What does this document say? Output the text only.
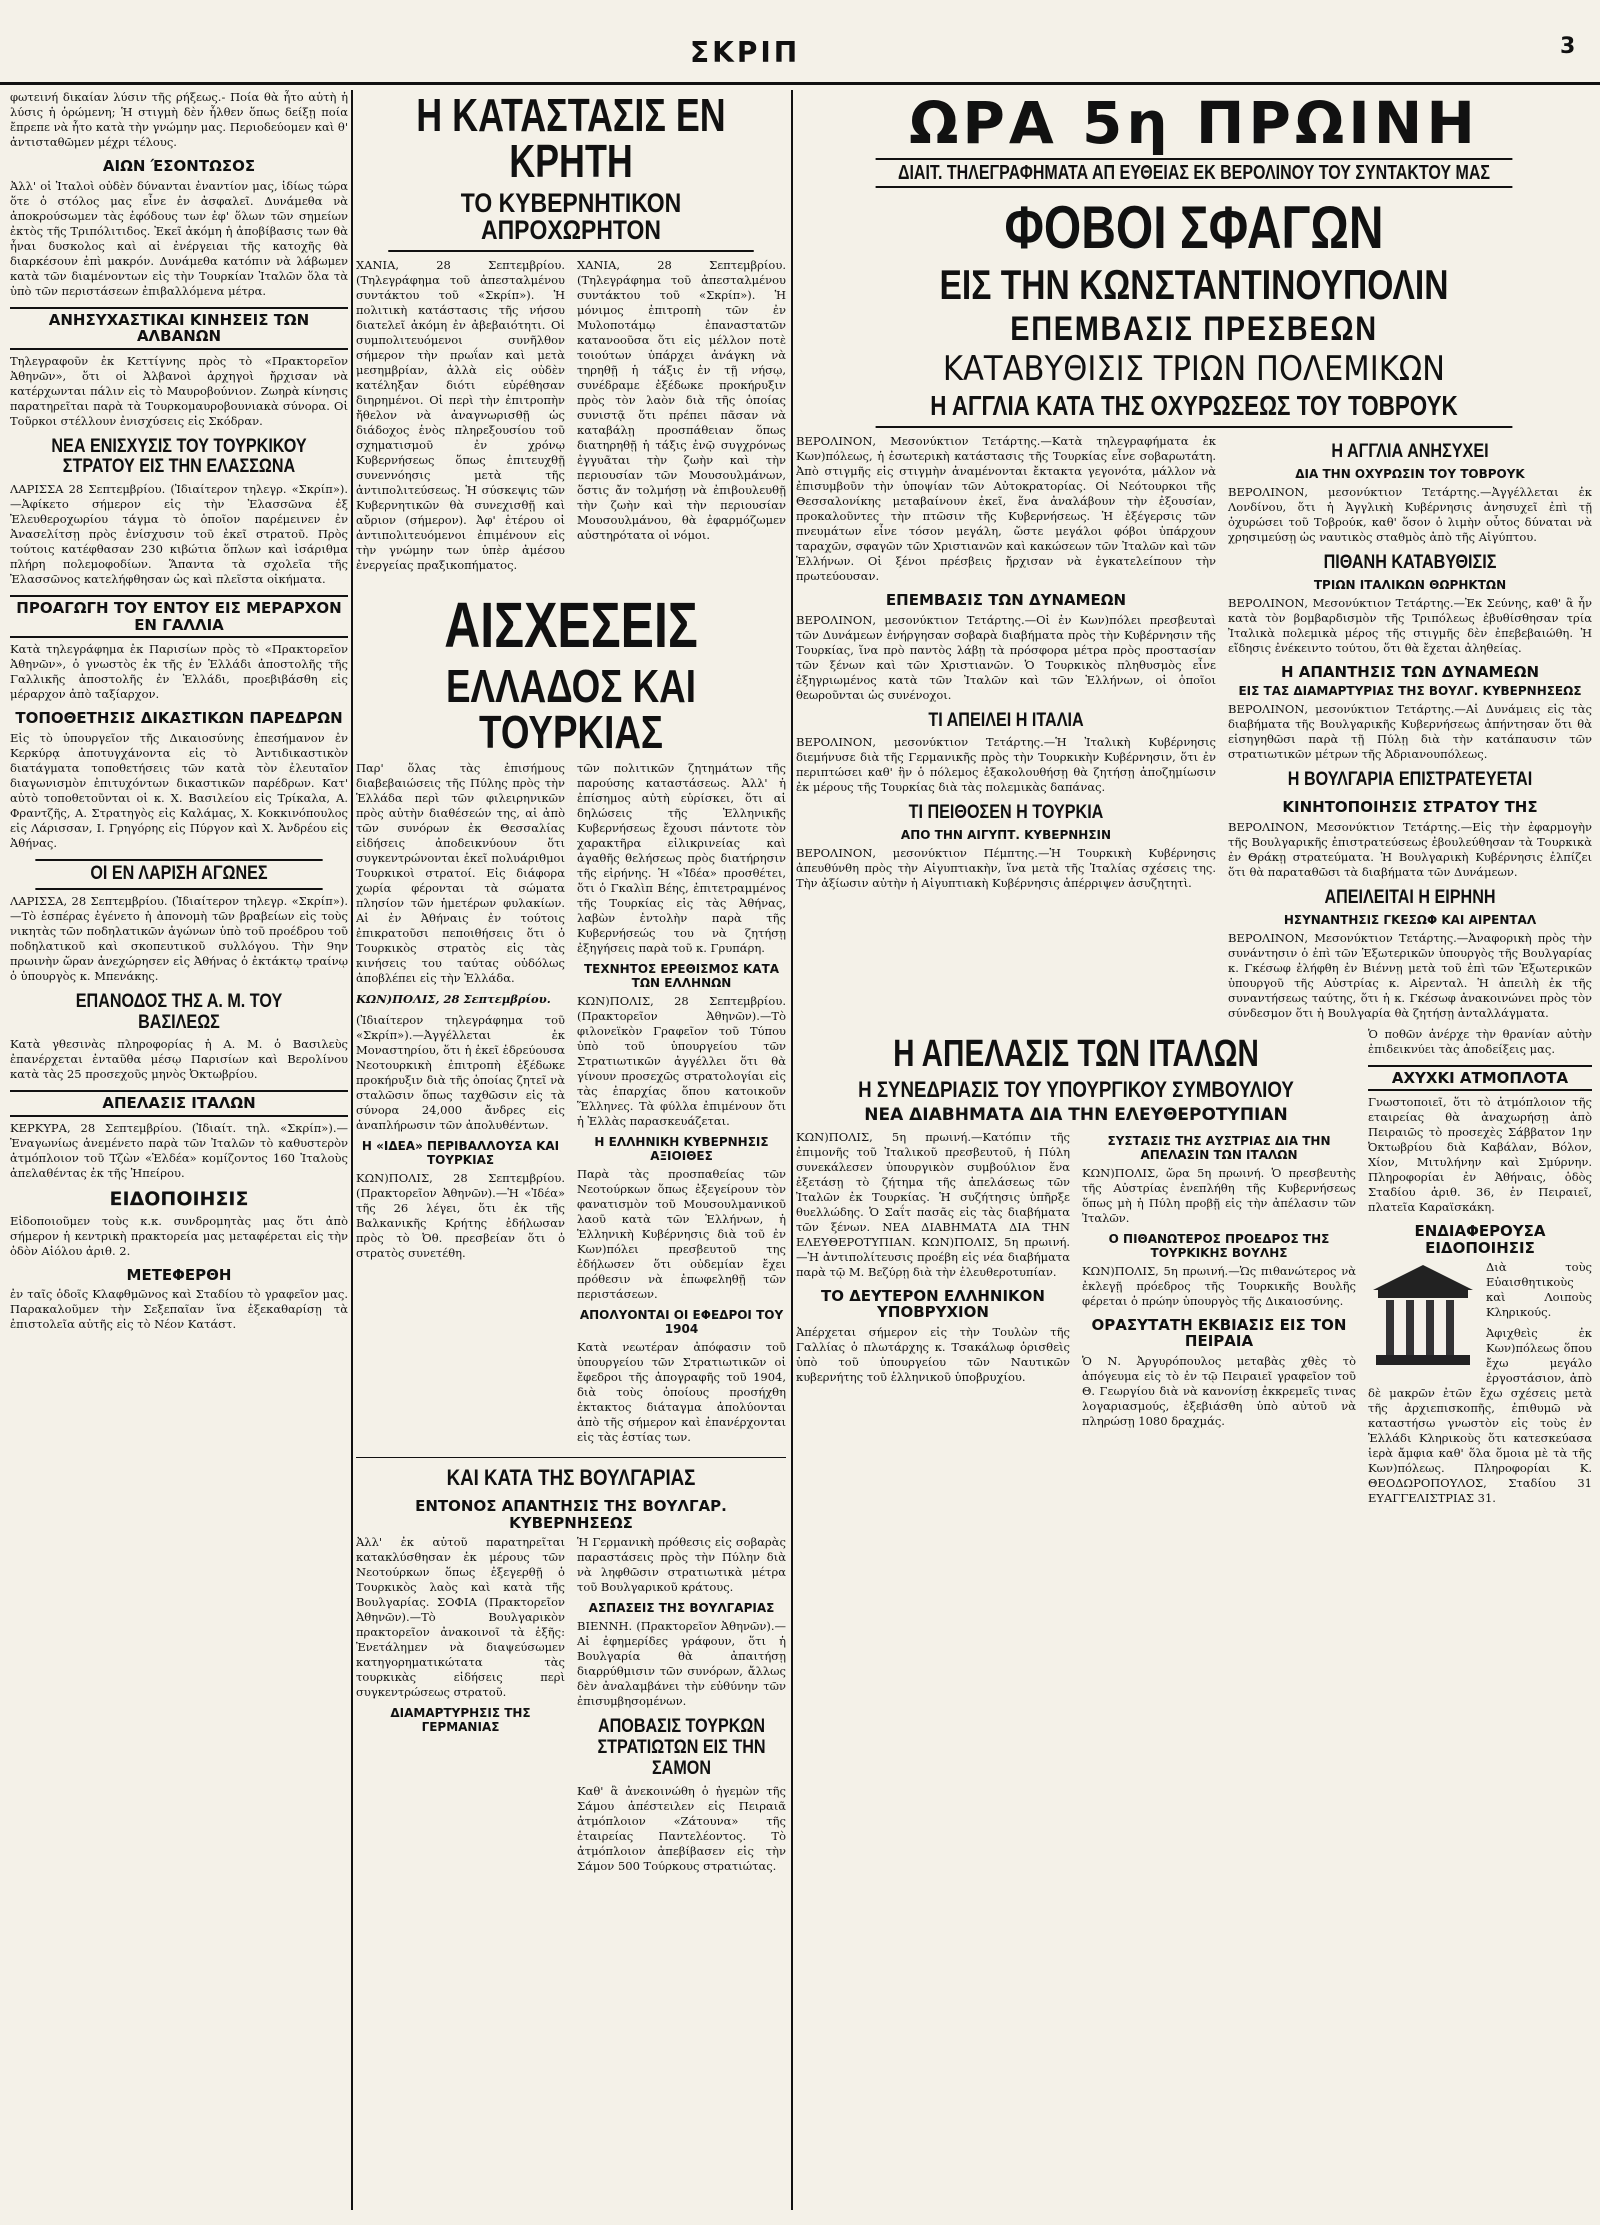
ΣΚΡΙΠ	3

φωτεινή δικαίαν λύσιν τῆς ρήξεως.- Ποία θὰ ἦτο αὐτὴ ἡ λύσις ἡ ὁρώμενη; Ἡ στιγμὴ δὲν ἦλθεν ὅπως δείξῃ ποία ἔπρεπε νὰ ἦτο κατὰ τὴν γνώμην μας. Περιοδεύομεν καὶ θ' ἀντισταθῶμεν μέχρι τέλους.

ΑΙΩΝ ΈΣΟΝΤΩΣΟΣ

Ἀλλ' οἱ Ἰταλοὶ οὐδὲν δύνανται ἐναντίον μας, ἰδίως τώρα ὅτε ὁ στόλος μας εἶνε ἐν ἀσφαλεῖ. Δυνάμεθα νὰ ἀποκρούσωμεν τὰς ἐφόδους των ἐφ' ὅλων τῶν σημείων ἐκτὸς τῆς Τριπόλιτιδος. Ἐκεῖ ἀκόμη ἡ ἀποβίβασις των θὰ ἦναι δυσκολος καὶ αἱ ἐνέργειαι τῆς κατοχῆς θὰ διαρκέσουν ἐπὶ μακρόν. Δυνάμεθα κατόπιν νὰ λάβωμεν κατὰ τῶν διαμένοντων εἰς τὴν Τουρκίαν Ἰταλῶν ὅλα τὰ ὑπὸ τῶν περιστάσεων ἐπιβαλλόμενα μέτρα.

ΑΝΗΣΥΧΑΣΤΙΚΑΙ ΚΙΝΗΣΕΙΣ ΤΩΝ ΑΛΒΑΝΩΝ

Τηλεγραφοῦν ἐκ Κεττίγνης πρὸς τὸ «Πρακτορεῖον Ἀθηνῶν», ὅτι οἱ Ἀλβανοὶ ἀρχηγοὶ ἤρχισαν νὰ κατέρχωνται πάλιν εἰς τὸ Μαυροβούνιον. Ζωηρὰ κίνησις παρατηρεῖται παρὰ τὰ Τουρκομαυροβουνιακὰ σύνορα. Οἱ Τοῦρκοι στέλλουν ἐνισχύσεις εἰς Σκόδραν.

ΝΕΑ ΕΝΙΣΧΥΣΙΣ ΤΟΥ ΤΟΥΡΚΙΚΟΥ ΣΤΡΑΤΟΥ ΕΙΣ ΤΗΝ ΕΛΑΣΣΩΝΑ

ΛΑΡΙΣΣΑ 28 Σεπτεμβρίου. (Ἰδιαίτερον τηλεγρ. «Σκρίπ»).—Ἀφίκετο σήμερον εἰς τὴν Ἐλασσῶνα ἐξ Ἐλευθεροχωρίου τάγμα τὸ ὁποῖον παρέμεινεν ἐν Ἀνασελίτσῃ πρὸς ἐνίσχυσιν τοῦ ἐκεῖ στρατοῦ. Πρὸς τούτοις κατέφθασαν 230 κιβώτια ὅπλων καὶ ἰσάριθμα πλήρη πολεμοφοδίων. Ἅπαντα τὰ σχολεῖα τῆς Ἐλασσῶνος κατελήφθησαν ὡς καὶ πλεῖστα οἰκήματα.

ΠΡΟΑΓΩΓΗ ΤΟΥ ΕΝΤΟΥ ΕΙΣ ΜΕΡΑΡΧΟΝ ΕΝ ΓΑΛΛΙΑ

Κατὰ τηλεγράφημα ἐκ Παρισίων πρὸς τὸ «Πρακτορεῖον Ἀθηνῶν», ὁ γνωστὸς ἐκ τῆς ἐν Ἑλλάδι ἀποστολῆς τῆς Γαλλικῆς ἀποστολῆς ἐν Ἑλλάδι, προεβιβάσθη εἰς μέραρχον ἀπὸ ταξίαρχον.

ΤΟΠΟΘΕΤΗΣΙΣ ΔΙΚΑΣΤΙΚΩΝ ΠΑΡΕΔΡΩΝ

Εἰς τὸ ὑπουργεῖον τῆς Δικαιοσύνης ἐπεσήμανον ἐν Κερκύρᾳ ἀποτυγχάνοντα εἰς τὸ Ἀντιδικαστικὸν διατάγματα τοποθετήσεις τῶν κατὰ τὸν ἐλευταῖον διαγωνισμὸν ἐπιτυχόντων δικαστικῶν παρέδρων. Κατ' αὐτὸ τοποθετοῦνται οἱ κ. Χ. Βασιλείου εἰς Τρίκαλα, Α. Φραντζῆς, Α. Στρατηγὸς εἰς Καλάμας, Χ. Κοκκινόπουλος εἰς Λάρισσαν, Ι. Γρηγόρης εἰς Πύργον καὶ Χ. Ἀνδρέου εἰς Ἀθήνας.

ΟΙ ΕΝ ΛΑΡΙΣΗ ΑΓΩΝΕΣ

ΛΑΡΙΣΣΑ, 28 Σεπτεμβρίου. (Ἰδιαίτερον τηλεγρ. «Σκρίπ»).—Τὸ ἑσπέρας ἐγένετο ἡ ἀπονομὴ τῶν βραβείων εἰς τοὺς νικητὰς τῶν ποδηλατικῶν ἀγώνων ὑπὸ τοῦ προέδρου τοῦ ποδηλατικοῦ καὶ σκοπευτικοῦ συλλόγου. Τὴν 9ην πρωινὴν ὥραν ἀνεχώρησεν εἰς Ἀθήνας ὁ ἐκτάκτῳ τραίνῳ ὁ ὑπουργὸς κ. Μπενάκης.

ΕΠΑΝΟΔΟΣ ΤΗΣ Α. Μ. ΤΟΥ ΒΑΣΙΛΕΩΣ

Κατὰ γθεσινὰς πληροφορίας ἡ Α. Μ. ὁ Βασιλεὺς ἐπανέρχεται ἐνταῦθα μέσῳ Παρισίων καὶ Βερολίνου κατὰ τὰς 25 προσεχοῦς μηνὸς Ὀκτωβρίου.

ΑΠΕΛΑΣΙΣ ΙΤΑΛΩΝ

ΚΕΡΚΥΡΑ, 28 Σεπτεμβρίου. (Ἰδιαίτ. τηλ. «Σκρίπ»).—Ἐναγωνίως ἀνεμένετο παρὰ τῶν Ἰταλῶν τὸ καθυστερὸν ἀτμόπλοιον τοῦ Τζὼν «Ἑλδέα» κομίζοντος 160 Ἰταλοὺς ἀπελαθέντας ἐκ τῆς Ἠπείρου.

ΕΙΔΟΠΟΙΗΣΙΣ

Εἰδοποιοῦμεν τοὺς κ.κ. συνδρομητὰς μας ὅτι ἀπὸ σήμερον ἡ κεντρικὴ πρακτορεία μας μεταφέρεται εἰς τὴν ὁδὸν Αἰόλου ἀριθ. 2.

ΜΕΤΕΦΕΡΘΗ

ἐν ταῖς ὁδοῖς Κλαφθμῶνος καὶ Σταδίου τὸ γραφεῖον μας. Παρακαλοῦμεν τὴν Σεξεπαῖαν ἵνα ἐξεκαθαρίσῃ τὰ ἐπιστολεῖα αὐτῆς εἰς τὸ Νέον Κατάστ.

Η ΚΑΤΑΣΤΑΣΙΣ ΕΝ ΚΡΗΤΗ
ΤΟ ΚΥΒΕΡΝΗΤΙΚΟΝ ΑΠΡΟΧΩΡΗΤΟΝ

ΧΑΝΙΑ, 28 Σεπτεμβρίου. (Τηλεγράφημα τοῦ ἀπεσταλμένου συντάκτου τοῦ «Σκρίπ»). Ἡ πολιτικὴ κατάστασις τῆς νήσου διατελεῖ ἀκόμη ἐν ἀβεβαιότητι. Οἱ συμπολιτευόμενοι συνῆλθον σήμερον τὴν πρωΐαν καὶ μετὰ μεσημβρίαν, ἀλλὰ εἰς οὐδὲν κατέληξαν διότι εὑρέθησαν διηρημένοι. Οἱ περὶ τὴν ἐπιτροπὴν ἤθελον νὰ ἀναγνωρισθῇ ὡς διάδοχος ἑνὸς πληρεξουσίου τοῦ σχηματισμοῦ ἐν χρόνῳ Κυβερνήσεως ὅπως ἐπιτευχθῇ συνεννόησις μετὰ τῆς ἀντιπολιτεύσεως. Ἡ σύσκεψις τῶν Κυβερνητικῶν θὰ συνεχισθῇ καὶ αὔριον (σήμερον). Ἀφ' ἑτέρου οἱ ἀντιπολιτευόμενοι ἐπιμένουν εἰς τὴν γνώμην των ὑπὲρ ἀμέσου ἐνεργείας πραξικοπήματος.

ΧΑΝΙΑ, 28 Σεπτεμβρίου. (Τηλεγράφημα τοῦ ἀπεσταλμένου συντάκτου τοῦ «Σκρίπ»). Ἡ μόνιμος ἐπιτροπὴ τῶν ἐν Μυλοποτάμῳ ἐπαναστατῶν κατανοοῦσα ὅτι εἰς μέλλον ποτὲ τοιούτων ὑπάρχει ἀνάγκη νὰ τηρηθῇ ἡ τάξις ἐν τῇ νήσῳ, συνέδραμε ἐξέδωκε προκήρυξιν πρὸς τὸν λαὸν διὰ τῆς ὁποίας συνιστᾷ ὅτι πρέπει πᾶσαν νὰ καταβάλῃ προσπάθειαν ὅπως διατηρηθῇ ἡ τάξις ἐνῷ συγχρόνως ἐγγυᾶται τὴν ζωὴν καὶ τὴν περιουσίαν τῶν Μουσουλμάνων, ὅστις ἄν τολμήσῃ νὰ ἐπιβουλευθῇ τὴν ζωὴν καὶ τὴν περιουσίαν Μουσουλμάνου, θὰ ἐφαρμόζωμεν αὐστηρότατα οἱ νόμοι.

ΑΙΣΧΕΣΕΙΣ
ΕΛΛΑΔΟΣ ΚΑΙ ΤΟΥΡΚΙΑΣ

Παρ' ὅλας τὰς ἐπισήμους διαβεβαιώσεις τῆς Πύλης πρὸς τὴν Ἑλλάδα περὶ τῶν φιλειρηνικῶν πρὸς αὐτὴν διαθέσεών της, αἱ ἀπὸ τῶν συνόρων ἐκ Θεσσαλίας εἰδήσεις ἀποδεικνύουν ὅτι συγκεντρώνονται ἐκεῖ πολυάριθμοι Τουρκικοὶ στρατοί. Εἰς διάφορα χωρία φέρονται τὰ σώματα πλησίον τῶν ἡμετέρων φυλακίων. Αἱ ἐν Ἀθήναις ἐν τούτοις ἐπικρατοῦσι πεποιθήσεις ὅτι ὁ Τουρκικὸς στρατὸς εἰς τὰς κινήσεις του ταύτας οὐδόλως ἀποβλέπει εἰς τὴν Ἑλλάδα.

ΚΩΝ)ΠΟΛΙΣ, 28 Σεπτεμβρίου.

(Ἰδιαίτερον τηλεγράφημα τοῦ «Σκρίπ»).—Ἀγγέλλεται ἐκ Μοναστηρίου, ὅτι ἡ ἐκεῖ ἑδρεύουσα Νεοτουρκικὴ ἐπιτροπὴ ἐξέδωκε προκήρυξιν διὰ τῆς ὁποίας ζητεῖ νὰ σταλῶσιν ὅπως ταχθῶσιν εἰς τὰ σύνορα 24,000 ἄνδρες εἰς ἀναπλήρωσιν τῶν ἀπολυθέντων.

Η «ΙΔΕΑ» ΠΕΡΙΒΑΛΛΟΥΣΑ ΚΑΙ ΤΟΥΡΚΙΑΣ

ΚΩΝ)ΠΟΛΙΣ, 28 Σεπτεμβρίου. (Πρακτορεῖον Ἀθηνῶν).—Ἡ «Ἰδέα» τῆς 26 λέγει, ὅτι ἐκ τῆς Βαλκανικῆς Κρήτης ἐδήλωσαν πρὸς τὸ Ὀθ. πρεσβείαν ὅτι ὁ στρατὸς συνετέθη.

τῶν πολιτικῶν ζητημάτων τῆς παρούσης καταστάσεως. Ἀλλ' ἡ ἐπίσημος αὐτὴ εὑρίσκει, ὅτι αἱ δηλώσεις τῆς Ἑλληνικῆς Κυβερνήσεως ἔχουσι πάντοτε τὸν χαρακτῆρα εἰλικρινείας καὶ ἀγαθῆς θελήσεως πρὸς διατήρησιν τῆς εἰρήνης. Ἡ «Ἰδέα» προσθέτει, ὅτι ὁ Γκαλὶπ Βέης, ἐπιτετραμμένος τῆς Τουρκίας εἰς τὰς Ἀθήνας, λαβὼν ἐντολὴν παρὰ τῆς Κυβερνήσεώς του νὰ ζητήσῃ ἐξηγήσεις παρὰ τοῦ κ. Γρυπάρη.

ΤΕΧΝΗΤΟΣ ΕΡΕΘΙΣΜΟΣ ΚΑΤΑ ΤΩΝ ΕΛΛΗΝΩΝ

ΚΩΝ)ΠΟΛΙΣ, 28 Σεπτεμβρίου. (Πρακτορεῖον Ἀθηνῶν).—Τὸ φιλονεϊκὸν Γραφεῖον τοῦ Τύπου ὑπὸ τοῦ ὑπουργείου τῶν Στρατιωτικῶν ἀγγέλλει ὅτι θὰ γίνουν προσεχῶς στρατολογίαι εἰς τὰς ἐπαρχίας ὅπου κατοικοῦν Ἕλληνες. Τὰ φύλλα ἐπιμένουν ὅτι ἡ Ἑλλὰς παρασκευάζεται.

Η ΕΛΛΗΝΙΚΗ ΚΥΒΕΡΝΗΣΙΣ ΑΞΙΟΙΘΕΣ

Παρὰ τὰς προσπαθείας τῶν Νεοτούρκων ὅπως ἐξεγείρουν τὸν φανατισμὸν τοῦ Μουσουλμανικοῦ λαοῦ κατὰ τῶν Ἑλλήνων, ἡ Ἑλληνικὴ Κυβέρνησις διὰ τοῦ ἐν Κων)πόλει πρεσβευτοῦ της ἐδήλωσεν ὅτι οὐδεμίαν ἔχει πρόθεσιν νὰ ἐπωφεληθῇ τῶν περιστάσεων.

ΑΠΟΛΥΟΝΤΑΙ ΟΙ ΕΦΕΔΡΟΙ ΤΟΥ 1904

Κατὰ νεωτέραν ἀπόφασιν τοῦ ὑπουργείου τῶν Στρατιωτικῶν οἱ ἔφεδροι τῆς ἀπογραφῆς τοῦ 1904, διὰ τοὺς ὁποίους προσήχθη ἐκτακτος διάταγμα ἀπολύονται ἀπὸ τῆς σήμερον καὶ ἐπανέρχονται εἰς τὰς ἑστίας των.

ΚΑΙ ΚΑΤΑ ΤΗΣ ΒΟΥΛΓΑΡΙΑΣ
ΕΝΤΟΝΟΣ ΑΠΑΝΤΗΣΙΣ ΤΗΣ ΒΟΥΛΓΑΡ. ΚΥΒΕΡΝΗΣΕΩΣ

Ἀλλ' ἐκ αὐτοῦ παρατηρεῖται κατακλύσθησαν ἐκ μέρους τῶν Νεοτούρκων ὅπως ἐξεγερθῇ ὁ Τουρκικὸς λαὸς καὶ κατὰ τῆς Βουλγαρίας. ΣΟΦΙΑ (Πρακτορεῖον Ἀθηνῶν).—Τὸ Βουλγαρικὸν πρακτορεῖον ἀνακοινοῖ τὰ ἑξῆς: Ἐνετάλημεν νὰ διαψεύσωμεν κατηγορηματικώτατα τὰς τουρκικὰς εἰδήσεις περὶ συγκεντρώσεως στρατοῦ.

ΔΙΑΜΑΡΤΥΡΗΣΙΣ ΤΗΣ ΓΕΡΜΑΝΙΑΣ

Ἡ Γερμανικὴ πρόθεσις εἰς σοβαρὰς παραστάσεις πρὸς τὴν Πύλην διὰ νὰ ληφθῶσιν στρατιωτικὰ μέτρα τοῦ Βουλγαρικοῦ κράτους.

ΑΣΠΑΣΕΙΣ ΤΗΣ ΒΟΥΛΓΑΡΙΑΣ

ΒΙΕΝΝΗ. (Πρακτορεῖον Ἀθηνῶν).—Αἱ ἐφημερίδες γράφουν, ὅτι ἡ Βουλγαρία θὰ ἀπαιτήσῃ διαρρύθμισιν τῶν συνόρων, ἄλλως δὲν ἀναλαμβάνει τὴν εὐθύνην τῶν ἐπισυμβησομένων.

ΑΠΟΒΑΣΙΣ ΤΟΥΡΚΩΝ ΣΤΡΑΤΙΩΤΩΝ ΕΙΣ ΤΗΝ ΣΑΜΟΝ

Καθ' ἃ ἀνεκοινώθη ὁ ἠγεμὼν τῆς Σάμου ἀπέστειλεν εἰς Πειραιᾶ ἀτμόπλοιον «Ζάτουνα» τῆς ἑταιρείας Παντελέοντος. Τὸ ἀτμόπλοιον ἀπεβίβασεν εἰς τὴν Σάμον 500 Τούρκους στρατιώτας.

ΩΡΑ 5η ΠΡΩΙΝΗ
ΔΙΑΙΤ. ΤΗΛΕΓΡΑΦΗΜΑΤΑ ΑΠ ΕΥΘΕΙΑΣ ΕΚ ΒΕΡΟΛΙΝΟΥ ΤΟΥ ΣΥΝΤΑΚΤΟΥ ΜΑΣ
ΦΟΒΟΙ ΣΦΑΓΩΝ
ΕΙΣ ΤΗΝ ΚΩΝΣΤΑΝΤΙΝΟΥΠΟΛΙΝ
ΕΠΕΜΒΑΣΙΣ ΠΡΕΣΒΕΩΝ
ΚΑΤΑΒΥΘΙΣΙΣ ΤΡΙΩΝ ΠΟΛΕΜΙΚΩΝ
Η ΑΓΓΛΙΑ ΚΑΤΑ ΤΗΣ ΟΧΥΡΩΣΕΩΣ ΤΟΥ ΤΟΒΡΟΥΚ

ΒΕΡΟΛΙΝΟΝ, Μεσονύκτιον Τετάρτης.—Κατὰ τηλεγραφήματα ἐκ Κων)πόλεως, ἡ ἐσωτερικὴ κατάστασις τῆς Τουρκίας εἶνε σοβαρωτάτη. Ἀπὸ στιγμῆς εἰς στιγμὴν ἀναμένονται ἔκτακτα γεγονότα, μάλλον νὰ ἐπισυμβοῦν τὴν ὑποψίαν τῶν Αὐτοκρατορίας. Οἱ Νεότουρκοι τῆς Θεσσαλονίκης μεταβαίνουν ἐκεῖ, ἕνα ἀναλάβουν τὴν ἐξουσίαν, προκαλοῦντες τὴν πτῶσιν τῆς Κυβερνήσεως. Ἡ ἐξέγερσις τῶν πνευμάτων εἶνε τόσον μεγάλη, ὥστε μεγάλοι φόβοι ὑπάρχουν ταραχῶν, σφαγῶν τῶν Χριστιανῶν καὶ κακώσεων τῶν Ἰταλῶν καὶ τῶν Ἑλλήνων. Οἱ ξένοι πρέσβεις ἤρχισαν νὰ ἐγκατελείπουν τὴν πρωτεύουσαν.

ΕΠΕΜΒΑΣΙΣ ΤΩΝ ΔΥΝΑΜΕΩΝ

ΒΕΡΟΛΙΝΟΝ, μεσονύκτιον Τετάρτης.—Οἱ ἐν Κων)πόλει πρεσβευταὶ τῶν Δυνάμεων ἐνήργησαν σοβαρὰ διαβήματα πρὸς τὴν Κυβέρνησιν τῆς Τουρκίας, ἵνα πρὸ παντὸς λάβῃ τὰ πρόσφορα μέτρα πρὸς προστασίαν τῶν ξένων καὶ τῶν Χριστιανῶν. Ὁ Τουρκικὸς πληθυσμὸς εἶνε ἐξηγριωμένος κατὰ τῶν Ἰταλῶν καὶ τῶν Ἑλλήνων, οἱ ὁποῖοι θεωροῦνται ὡς συνένοχοι.

ΤΙ ΑΠΕΙΛΕΙ Η ΙΤΑΛΙΑ

ΒΕΡΟΛΙΝΟΝ, μεσονύκτιον Τετάρτης.—Ἡ Ἰταλικὴ Κυβέρνησις διεμήνυσε διὰ τῆς Γερμανικῆς πρὸς τὴν Τουρκικὴν Κυβέρνησιν, ὅτι ἐν περιπτώσει καθ' ἣν ὁ πόλεμος ἐξακολουθήσῃ θὰ ζητήσῃ ἀποζημίωσιν ἐκ μέρους τῆς Τουρκίας διὰ τὰς πολεμικὰς δαπάνας.

ΤΙ ΠΕΙΘΟΣΕΝ Η ΤΟΥΡΚΙΑ
ΑΠΟ ΤΗΝ ΑΙΓΥΠΤ. ΚΥΒΕΡΝΗΣΙΝ

ΒΕΡΟΛΙΝΟΝ, μεσονύκτιον Πέμπτης.—Ἡ Τουρκικὴ Κυβέρνησις ἀπευθύνθη πρὸς τὴν Αἰγυπτιακὴν, ἵνα μετὰ τῆς Ἰταλίας σχέσεις της. Τὴν ἀξίωσιν αὐτὴν ἡ Αἰγυπτιακὴ Κυβέρνησις ἀπέρριψεν ἀσυζητητὶ.

Η ΑΓΓΛΙΑ ΑΝΗΣΥΧΕΙ
ΔΙΑ ΤΗΝ ΟΧΥΡΩΣΙΝ ΤΟΥ ΤΟΒΡΟΥΚ

ΒΕΡΟΛΙΝΟΝ, μεσονύκτιον Τετάρτης.—Ἀγγέλλεται ἐκ Λονδίνου, ὅτι ἡ Ἀγγλικὴ Κυβέρνησις ἀνησυχεῖ ἐπὶ τῇ ὀχυρώσει τοῦ Τοβρούκ, καθ' ὅσον ὁ λιμὴν οὗτος δύναται νὰ χρησιμεύσῃ ὡς ναυτικὸς σταθμὸς ἀπὸ τῆς Αἰγύπτου.

ΠΙΘΑΝΗ ΚΑΤΑΒΥΘΙΣΙΣ
ΤΡΙΩΝ ΙΤΑΛΙΚΩΝ ΘΩΡΗΚΤΩΝ

ΒΕΡΟΛΙΝΟΝ, Μεσονύκτιον Τετάρτης.—Ἐκ Σεύνης, καθ' ἃ ἦν κατὰ τὸν βομβαρδισμὸν τῆς Τριπόλεως ἐβυθίσθησαν τρία Ἰταλικὰ πολεμικὰ μέρος τῆς στιγμῆς δὲν ἐπεβεβαιώθη. Ἡ εἴδησις ἐνέκειντο τούτου, ὅτι θὰ ἔχεται ἀληθείας.

Η ΑΠΑΝΤΗΣΙΣ ΤΩΝ ΔΥΝΑΜΕΩΝ
ΕΙΣ ΤΑΣ ΔΙΑΜΑΡΤΥΡΙΑΣ ΤΗΣ ΒΟΥΛΓ. ΚΥΒΕΡΝΗΣΕΩΣ

ΒΕΡΟΛΙΝΟΝ, μεσονύκτιον Τετάρτης.—Αἱ Δυνάμεις εἰς τὰς διαβήματα τῆς Βουλγαρικῆς Κυβερνήσεως ἀπήντησαν ὅτι θὰ εἰσηγηθῶσι παρὰ τῇ Πύλῃ διὰ τὴν κατάπαυσιν τῶν στρατιωτικῶν μέτρων τῆς Ἀδριανουπόλεως.

Η ΒΟΥΛΓΑΡΙΑ ΕΠΙΣΤΡΑΤΕΥΕΤΑΙ
ΚΙΝΗΤΟΠΟΙΗΣΙΣ ΣΤΡΑΤΟΥ ΤΗΣ

ΒΕΡΟΛΙΝΟΝ, Μεσονύκτιον Τετάρτης.—Εἰς τὴν ἐφαρμογὴν τῆς Βουλγαρικῆς ἐπιστρατεύσεως ἐβουλεύθησαν τὰ Τουρκικὰ ἐν Θράκῃ στρατεύματα. Ἡ Βουλγαρικὴ Κυβέρνησις ἐλπίζει ὅτι θὰ παραταθῶσι τὰ διαβήματα τῶν Δυνάμεων.

ΑΠΕΙΛΕΙΤΑΙ Η ΕΙΡΗΝΗ
ΗΣΥΝΑΝΤΗΣΙΣ ΓΚΕΣΩΦ ΚΑΙ ΑΙΡΕΝΤΑΛ

ΒΕΡΟΛΙΝΟΝ, Μεσονύκτιον Τετάρτης.—Ἀναφορικὴ πρὸς τὴν συνάντησιν ὁ ἐπὶ τῶν Ἐξωτερικῶν ὑπουργὸς τῆς Βουλγαρίας κ. Γκέσωφ ἐλήφθη ἐν Βιέννῃ μετὰ τοῦ ἐπὶ τῶν Ἐξωτερικῶν ὑπουργοῦ τῆς Αὐστρίας κ. Αἰρενταλ. Ἡ ἀπειλὴ ἐκ τῆς συναντήσεως ταύτης, ὅτι ἡ κ. Γκέσωφ ἀνακοινώνει πρὸς τὸν σύνδεσμον ὅτι ἡ Βουλγαρία θὰ ζητήσῃ ἀνταλλάγματα.

Η ΑΠΕΛΑΣΙΣ ΤΩΝ ΙΤΑΛΩΝ
Η ΣΥΝΕΔΡΙΑΣΙΣ ΤΟΥ ΥΠΟΥΡΓΙΚΟΥ ΣΥΜΒΟΥΛΙΟΥ
ΝΕΑ ΔΙΑΒΗΜΑΤΑ ΔΙΑ ΤΗΝ ΕΛΕΥΘΕΡΟΤΥΠΙΑΝ

ΚΩΝ)ΠΟΛΙΣ, 5η πρωινή.—Κατόπιν τῆς ἐπιμονῆς τοῦ Ἰταλικοῦ πρεσβευτοῦ, ἡ Πύλη συνεκάλεσεν ὑπουργικὸν συμβούλιον ἕνα ἐξετάσῃ τὸ ζήτημα τῆς ἀπελάσεως τῶν Ἰταλῶν ἐκ Τουρκίας. Ἡ συζήτησις ὑπῆρξε θυελλώδης. Ὁ Σαΐτ πασᾶς εἰς τὰς διαβήματα τῶν ξένων. ΝΕΑ ΔΙΑΒΗΜΑΤΑ ΔΙΑ ΤΗΝ ΕΛΕΥΘΕΡΟΤΥΠΙΑΝ. ΚΩΝ)ΠΟΛΙΣ, 5η πρωινή.—Ἡ ἀντιπολίτευσις προέβη εἰς νέα διαβήματα παρὰ τῷ Μ. Βεζύρῃ διὰ τὴν ἐλευθεροτυπίαν.

ΤΟ ΔΕΥΤΕΡΟΝ ΕΛΛΗΝΙΚΟΝ ΥΠΟΒΡΥΧΙΟΝ

Ἀπέρχεται σήμερον εἰς τὴν Τουλὼν τῆς Γαλλίας ὁ πλωτάρχης κ. Τσακάλωφ ὁρισθεὶς ὑπὸ τοῦ ὑπουργείου τῶν Ναυτικῶν κυβερνήτης τοῦ ἑλληνικοῦ ὑποβρυχίου.

ΣΥΣΤΑΣΙΣ ΤΗΣ ΑΥΣΤΡΙΑΣ ΔΙΑ ΤΗΝ ΑΠΕΛΑΣΙΝ ΤΩΝ ΙΤΑΛΩΝ

ΚΩΝ)ΠΟΛΙΣ, ὥρα 5η πρωινή. Ὁ πρεσβευτὴς τῆς Αὐστρίας ἐνεπλήθη τῆς Κυβερνήσεως ὅπως μὴ ἡ Πύλη προβῇ εἰς τὴν ἀπέλασιν τῶν Ἰταλῶν.

Ο ΠΙΘΑΝΩΤΕΡΟΣ ΠΡΟΕΔΡΟΣ ΤΗΣ ΤΟΥΡΚΙΚΗΣ ΒΟΥΛΗΣ

ΚΩΝ)ΠΟΛΙΣ, 5η πρωινή.—Ὡς πιθανώτερος νὰ ἐκλεγῇ πρόεδρος τῆς Τουρκικῆς Βουλῆς φέρεται ὁ πρώην ὑπουργὸς τῆς Δικαιοσύνης.

ΟΡΑΣΥΤΑΤΗ ΕΚΒΙΑΣΙΣ ΕΙΣ ΤΟΝ ΠΕΙΡΑΙΑ

Ὁ Ν. Ἀργυρόπουλος μεταβὰς χθὲς τὸ ἀπόγευμα εἰς τὸ ἐν τῷ Πειραιεῖ γραφεῖον τοῦ Θ. Γεωργίου διὰ νὰ κανονίσῃ ἐκκρεμεῖς τινας λογαριασμούς, ἐξεβιάσθη ὑπὸ αὐτοῦ νὰ πληρώσῃ 1080 δραχμάς.

Ὁ ποθῶν ἀνέρχε τὴν θρανίαν αὐτὴν ἐπιδεικνύει τὰς ἀποδείξεις μας.

ΑΧΥΧΚΙ ΑΤΜΟΠΛΟΤΑ

Γνωστοποιεῖ, ὅτι τὸ ἀτμόπλοιον τῆς εταιρείας θὰ ἀναχωρήσῃ ἀπὸ Πειραιῶς τὸ προσεχὲς Σάββατον 1ην Ὀκτωβρίου διὰ Καβάλαν, Βόλον, Χίον, Μιτυλήνην καὶ Σμύρνην. Πληροφορίαι ἐν Ἀθήναις, ὁδὸς Σταδίου ἀριθ. 36, ἐν Πειραιεῖ, πλατεῖα Καραϊσκάκη.

ΕΝΔΙΑΦΕΡΟΥΣΑ ΕΙΔΟΠΟΙΗΣΙΣ

Διὰ τοὺς Εὐαισθητικοὺς καὶ Λοιποὺς Κληρικούς.

Ἀφιχθεὶς ἐκ Κων)πόλεως ὅπου ἔχω μεγάλο ἐργοστάσιον, ἀπὸ δὲ μακρῶν ἐτῶν ἔχω σχέσεις μετὰ τῆς ἀρχιεπισκοπῆς, ἐπιθυμῶ νὰ καταστήσω γνωστὸν εἰς τοὺς ἐν Ἑλλάδι Κληρικοὺς ὅτι κατεσκεύασα ἱερὰ ἄμφια καθ' ὅλα ὅμοια μὲ τὰ τῆς Κων)πόλεως. Πληροφορίαι Κ. ΘΕΟΔΩΡΟΠΟΥΛΟΣ, Σταδίου 31 ΕΥΑΓΓΕΛΙΣΤΡΙΑΣ 31.
